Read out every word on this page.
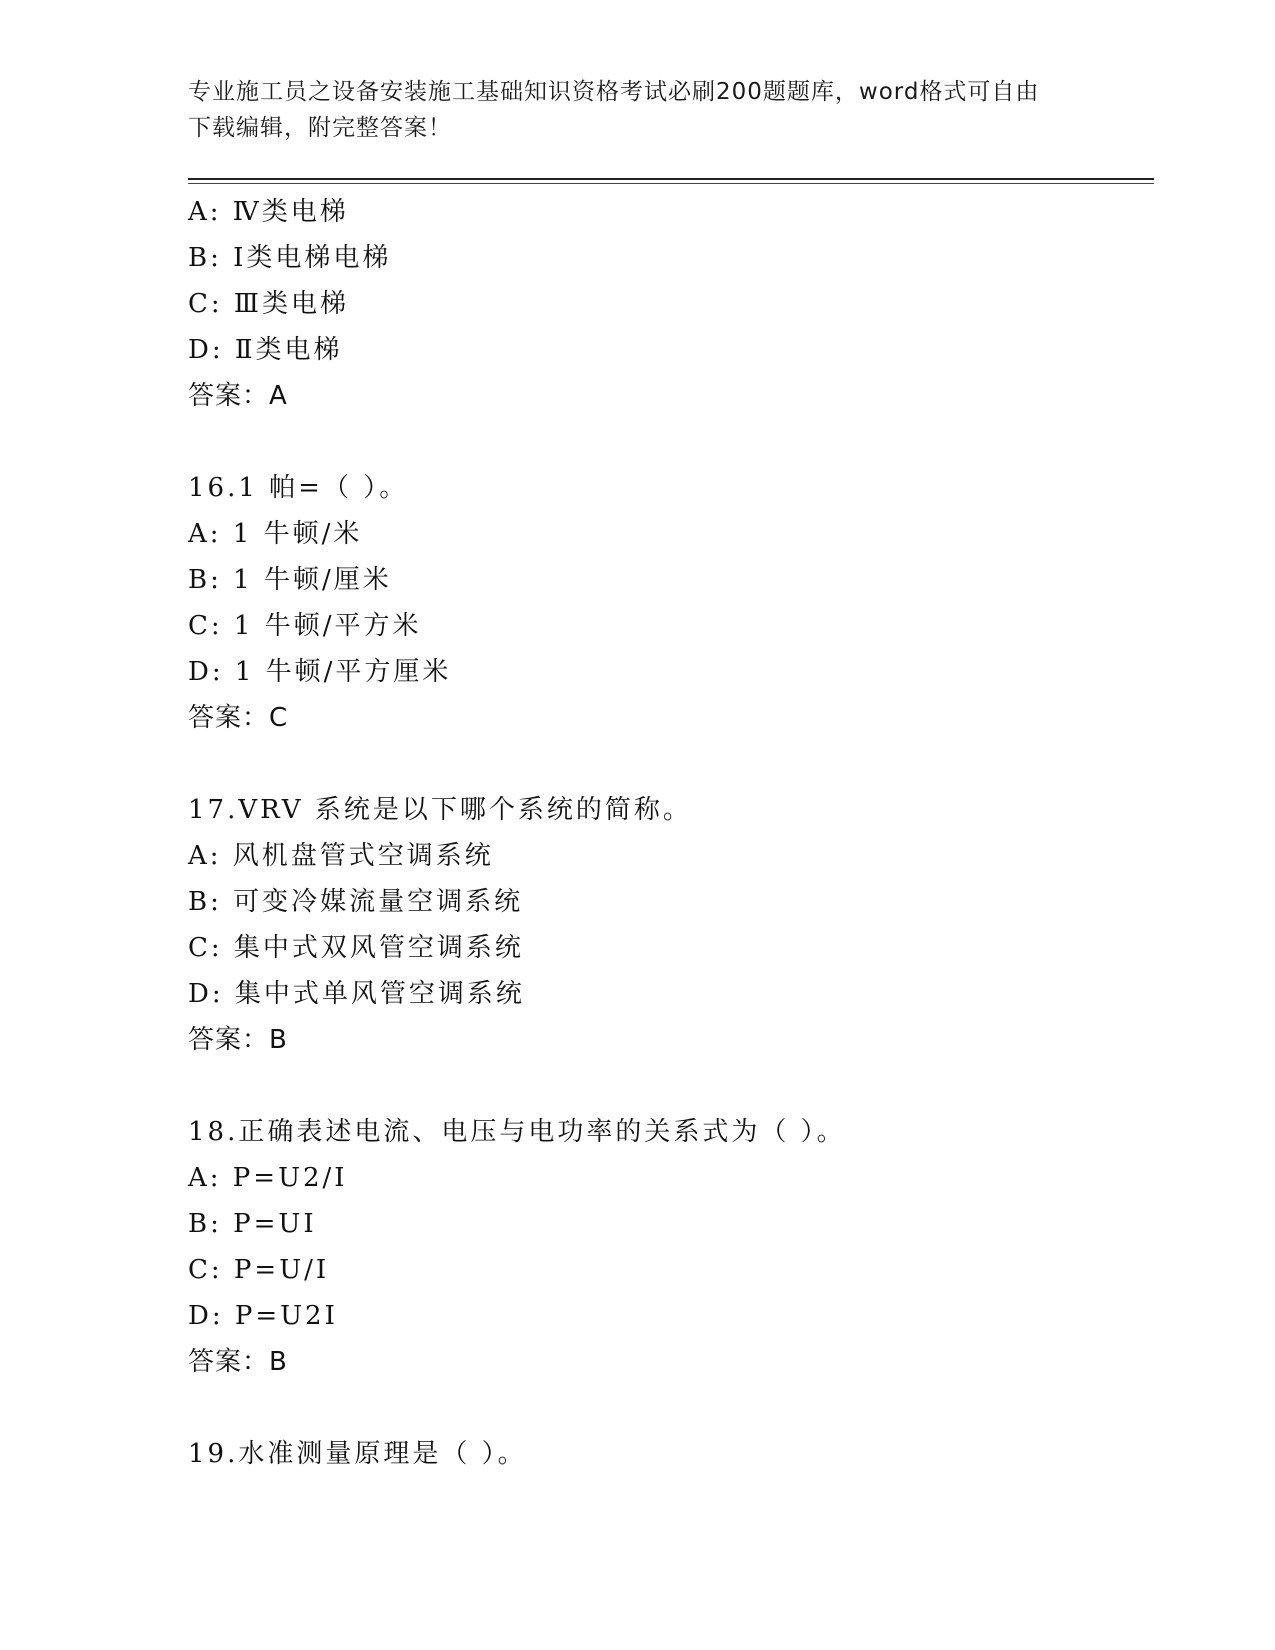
专业施工员之设备安装施工基础知识资格考试必刷200题题库，word格式可自由
下载编辑，附完整答案！
A: Ⅳ类电梯
B: Ⅰ类电梯电梯
C: Ⅲ类电梯
D: Ⅱ类电梯
答案：A
16.1 帕=（ ）。
A: 1 牛顿/米
B: 1 牛顿/厘米
C: 1 牛顿/平方米
D: 1 牛顿/平方厘米
答案：C
17.VRV 系统是以下哪个系统的简称。
A: 风机盘管式空调系统
B: 可变冷媒流量空调系统
C: 集中式双风管空调系统
D: 集中式单风管空调系统
答案：B
18.正确表述电流、电压与电功率的关系式为（ ）。
A: P=U2/I
B: P=UI
C: P=U/I
D: P=U2I
答案：B
19.水准测量原理是（ ）。
